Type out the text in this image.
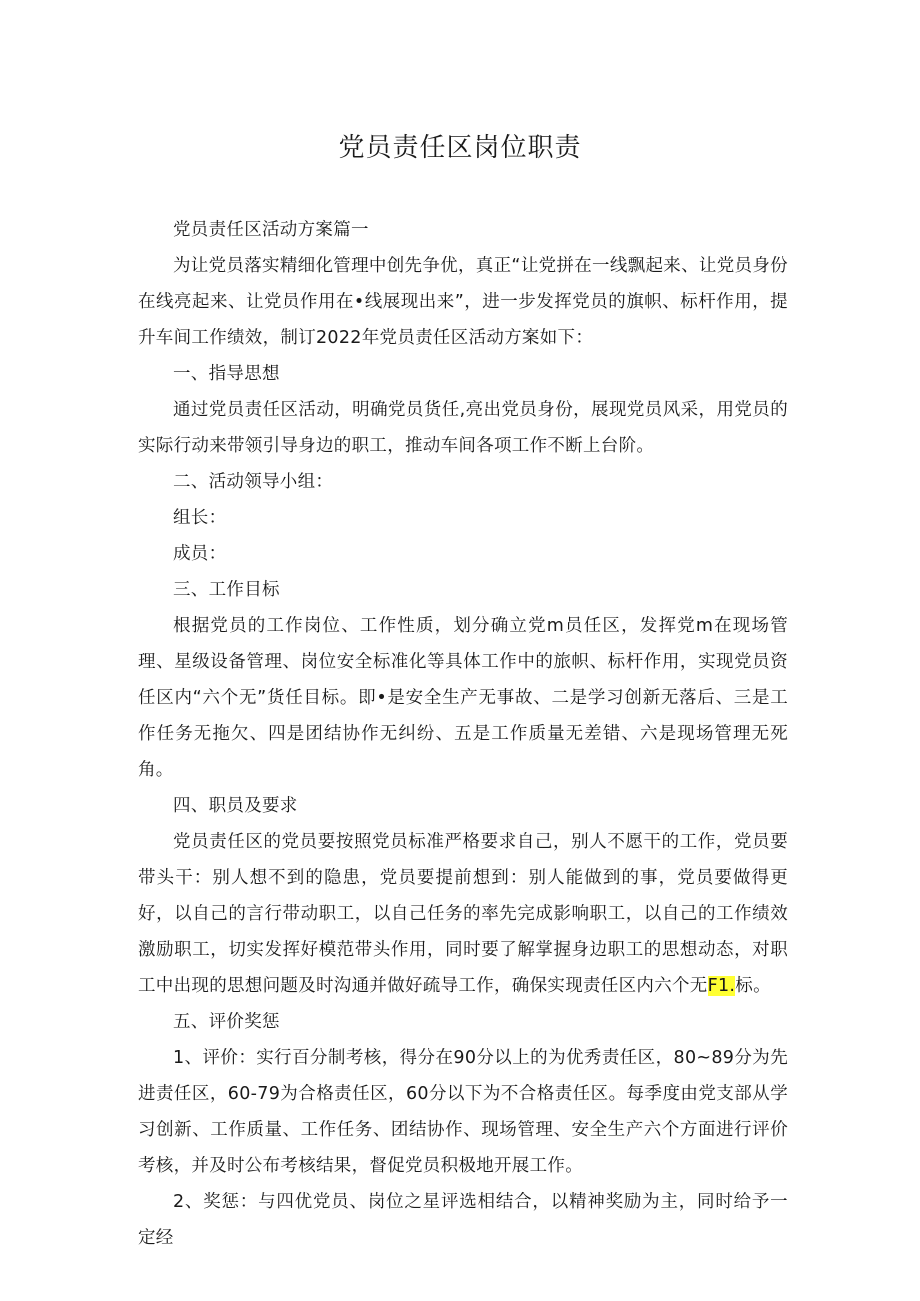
党员责任区岗位职责

党员责任区活动方案篇一

为让党员落实精细化管理中创先争优，真正“让党拼在一线飘起来、让党员身份在线亮起来、让党员作用在•线展现出来”，进一步发挥党员的旗帜、标杆作用，提升车间工作绩效，制订2022年党员责任区活动方案如下：

一、指导思想

通过党员责任区活动，明确党员货任,亮出党员身份，展现党员风采，用党员的实际行动来带领引导身边的职工，推动车间各项工作不断上台阶。

二、活动领导小组：

组长：

成员：

三、工作目标

根据党员的工作岗位、工作性质，划分确立党m员任区，发挥党m在现场管理、星级设备管理、岗位安全标准化等具体工作中的旅帜、标杆作用，实现党员资任区内“六个无”货任目标。即•是安全生产无事故、二是学习创新无落后、三是工作任务无拖欠、四是团结协作无纠纷、五是工作质量无差错、六是现场管理无死角。

四、职员及要求

党员责任区的党员要按照党员标准严格要求自己，别人不愿干的工作，党员要带头干：别人想不到的隐患，党员要提前想到：别人能做到的事，党员要做得更好，以自己的言行带动职工，以自己任务的率先完成影响职工，以自己的工作绩效激励职工，切实发挥好模范带头作用，同时要了解掌握身边职工的思想动态，对职工中出现的思想问题及时沟通并做好疏导工作，确保实现责任区内六个无F1.标。

五、评价奖惩

1、评价：实行百分制考核，得分在90分以上的为优秀责任区，80~89分为先进责任区，60-79为合格责任区，60分以下为不合格责任区。每季度由党支部从学习创新、工作质量、工作任务、团结协作、现场管理、安全生产六个方面进行评价考核，并及时公布考核结果，督促党员积极地开展工作。

2、奖惩：与四优党员、岗位之星评选相结合，以精神奖励为主，同时给予一定经
